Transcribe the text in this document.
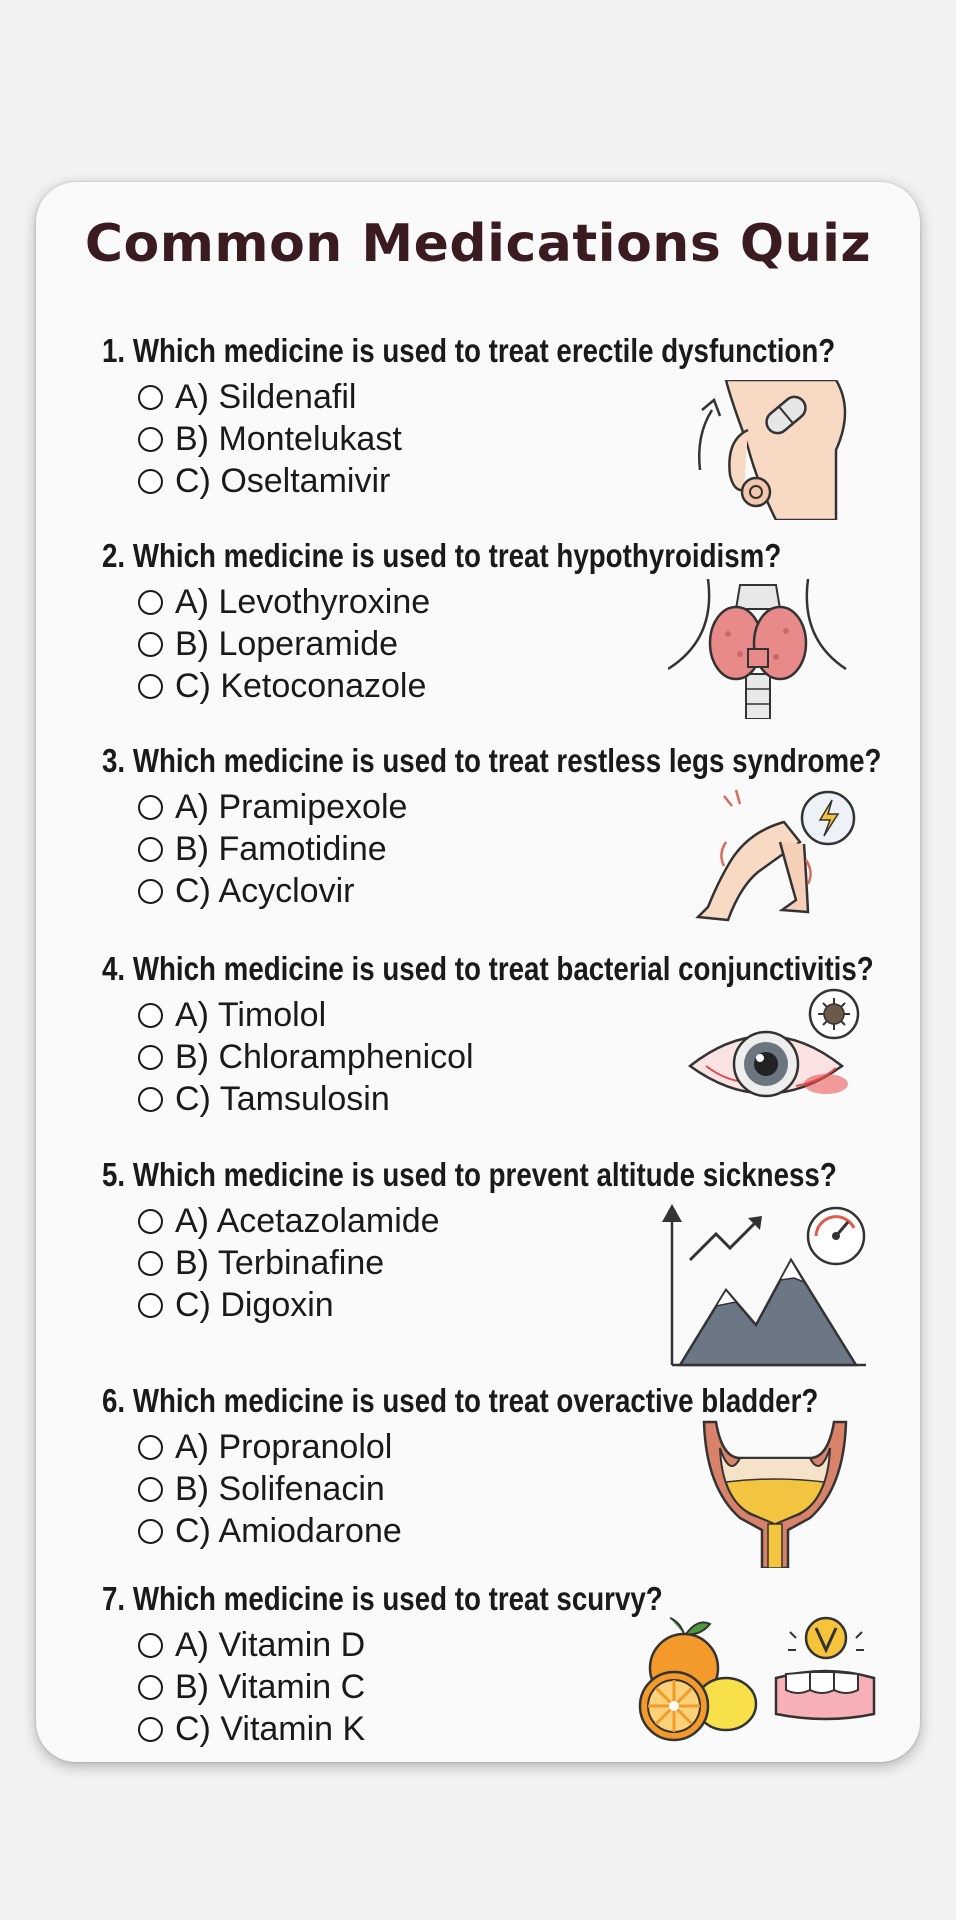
Common Medications Quiz
1. Which medicine is used to treat erectile dysfunction?
A) Sildenafil
B) Montelukast
C) Oseltamivir
2. Which medicine is used to treat hypothyroidism?
A) Levothyroxine
B) Loperamide
C) Ketoconazole
3. Which medicine is used to treat restless legs syndrome?
A) Pramipexole
B) Famotidine
C) Acyclovir
4. Which medicine is used to treat bacterial conjunctivitis?
A) Timolol
B) Chloramphenicol
C) Tamsulosin
5. Which medicine is used to prevent altitude sickness?
A) Acetazolamide
B) Terbinafine
C) Digoxin
6. Which medicine is used to treat overactive bladder?
A) Propranolol
B) Solifenacin
C) Amiodarone
7. Which medicine is used to treat scurvy?
A) Vitamin D
B) Vitamin C
C) Vitamin K
